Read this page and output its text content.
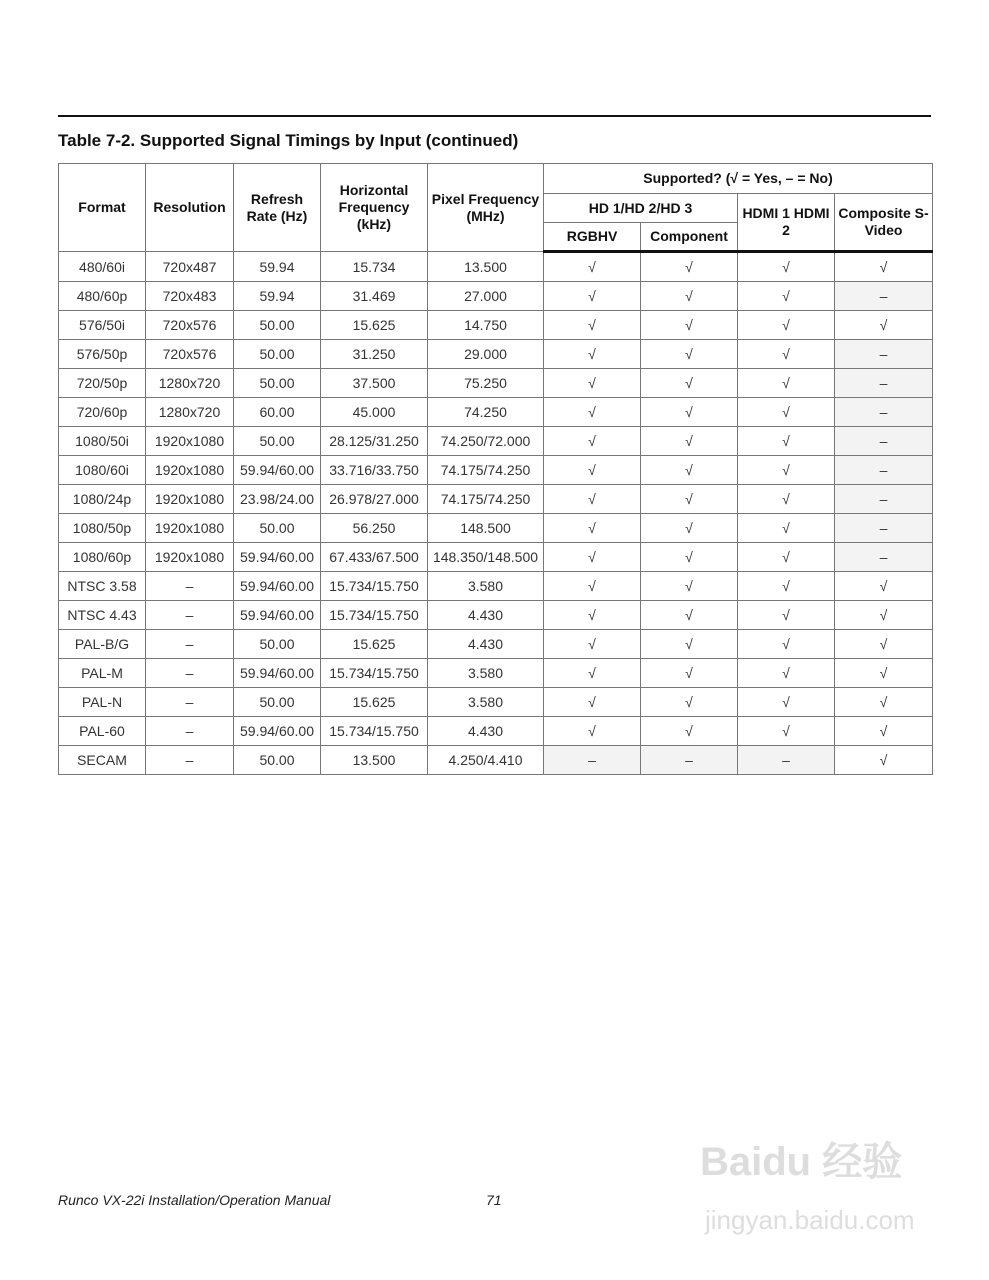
Table 7-2. Supported Signal Timings by Input (continued)
Format	Resolution	Refresh Rate (Hz)	Horizontal Frequency (kHz)	Pixel Frequency (MHz)	Supported? (√ = Yes, – = No)			
					HD 1/HD 2/HD 3		HDMI 1 HDMI 2	Composite S-Video
					RGBHV	Component		
480/60i	720x487	59.94	15.734	13.500	√	√	√	√
480/60p	720x483	59.94	31.469	27.000	√	√	√	–
576/50i	720x576	50.00	15.625	14.750	√	√	√	√
576/50p	720x576	50.00	31.250	29.000	√	√	√	–
720/50p	1280x720	50.00	37.500	75.250	√	√	√	–
720/60p	1280x720	60.00	45.000	74.250	√	√	√	–
1080/50i	1920x1080	50.00	28.125/31.250	74.250/72.000	√	√	√	–
1080/60i	1920x1080	59.94/60.00	33.716/33.750	74.175/74.250	√	√	√	–
1080/24p	1920x1080	23.98/24.00	26.978/27.000	74.175/74.250	√	√	√	–
1080/50p	1920x1080	50.00	56.250	148.500	√	√	√	–
1080/60p	1920x1080	59.94/60.00	67.433/67.500	148.350/148.500	√	√	√	–
NTSC 3.58	–	59.94/60.00	15.734/15.750	3.580	√	√	√	√
NTSC 4.43	–	59.94/60.00	15.734/15.750	4.430	√	√	√	√
PAL-B/G	–	50.00	15.625	4.430	√	√	√	√
PAL-M	–	59.94/60.00	15.734/15.750	3.580	√	√	√	√
PAL-N	–	50.00	15.625	3.580	√	√	√	√
PAL-60	–	59.94/60.00	15.734/15.750	4.430	√	√	√	√
SECAM	–	50.00	13.500	4.250/4.410	–	–	–	√
Runco VX-22i Installation/Operation Manual	71
Baidu 经验
jingyan.baidu.com
